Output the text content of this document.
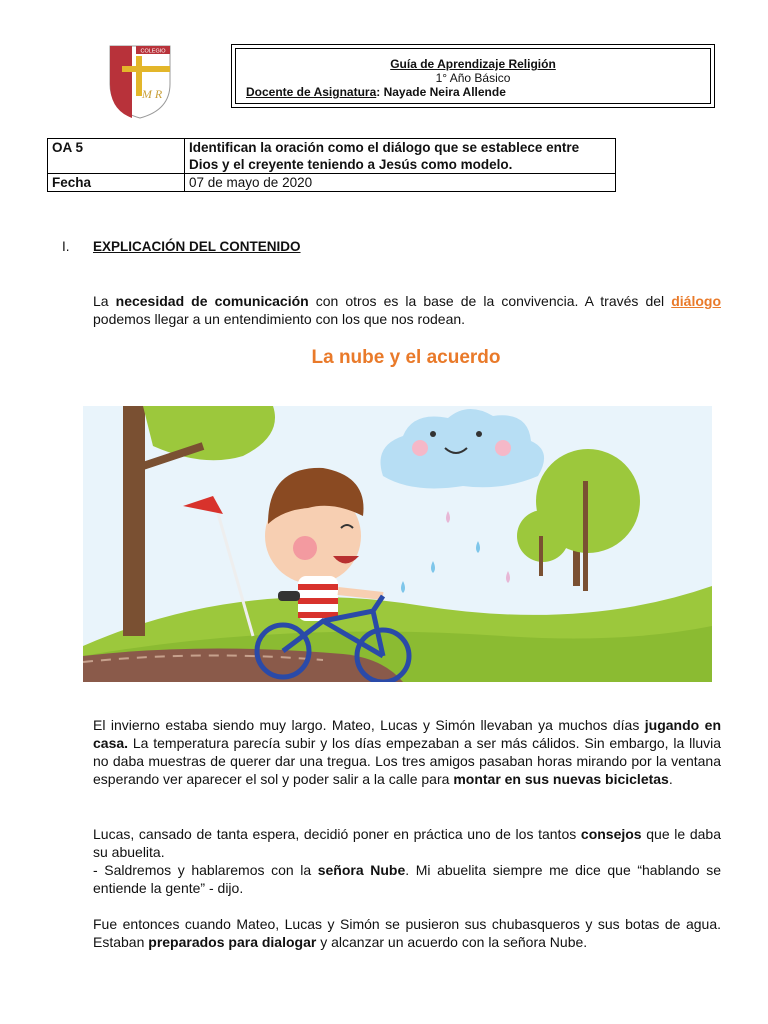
COLEGIO
M R
Guía de Aprendizaje Religión
1° Año Básico
Docente de Asignatura: Nayade Neira Allende
OA 5	Identifican la oración como el diálogo que se establece entre Dios y el creyente teniendo a Jesús como modelo.
Fecha	07 de mayo de 2020
I. EXPLICACIÓN DEL CONTENIDO
La necesidad de comunicación con otros es la base de la convivencia. A través del diálogo podemos llegar a un entendimiento con los que nos rodean.
La nube y el acuerdo
El invierno estaba siendo muy largo. Mateo, Lucas y Simón llevaban ya muchos días jugando en casa. La temperatura parecía subir y los días empezaban a ser más cálidos. Sin embargo, la lluvia no daba muestras de querer dar una tregua. Los tres amigos pasaban horas mirando por la ventana esperando ver aparecer el sol y poder salir a la calle para montar en sus nuevas bicicletas.
Lucas, cansado de tanta espera, decidió poner en práctica uno de los tantos consejos que le daba su abuelita.
- Saldremos y hablaremos con la señora Nube. Mi abuelita siempre me dice que “hablando se entiende la gente” - dijo.
Fue entonces cuando Mateo, Lucas y Simón se pusieron sus chubasqueros y sus botas de agua. Estaban preparados para dialogar y alcanzar un acuerdo con la señora Nube.
